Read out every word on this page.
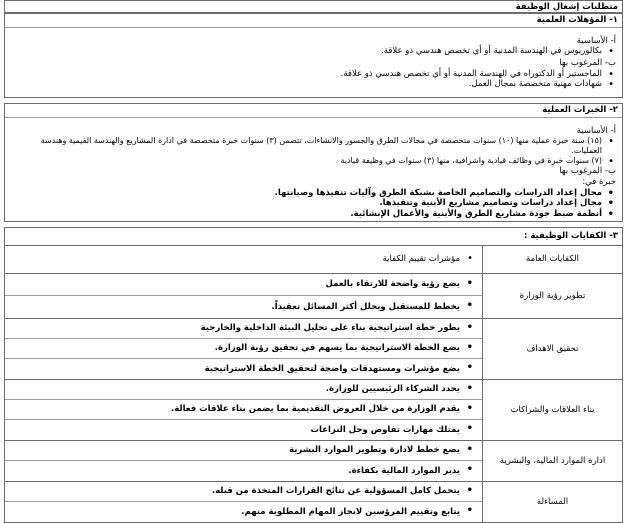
متطلبات إشغال الوظيفة
١- المؤهلات العلمية
أ- الأساسية
• بكالوريوس في الهندسة المدنية أو أي تخصص هندسي ذو علاقة.
ب- المرغوب بها
• الماجستير أو الدكتوراه في الهندسة المدنية أو أي تخصص هندسي ذو علاقة.
• شهادات مهنية متخصصة بمجال العمل.
٢- الخبرات العملية
أ- الأساسية
• (١٥) سنة خبرة عملية منها (١٠) سنوات متخصصة في مجالات الطرق والجسور والانشاءات، تتضمن (٣) سنوات خبرة متخصصة في ادارة المشاريع والهندسة القيمية وهندسة العمليات.
• (٧) سنوات خبرة في وظائف قيادية واشرافية، منها (٣) سنوات في وظيفة قيادية
ب- المرغوب بها
خبرة في:
• مجال إعداد الدراسات والتصاميم الخاصة بشبكة الطرق وآليات تنفيذها وصيانتها.
• مجال إعداد دراسات وتصاميم مشاريع الأبنية وتنفيذها.
• أنظمة ضبط جودة مشاريع الطرق والأبنية والأعمال الإنشائية.
٣- الكفايات الوظيفية :
الكفايات العامة	• مؤشرات تقييم الكفاية

تطوير رؤية الوزارة	• يضع رؤية واضحة للارتقاء بالعمل
• يخطط للمستقبل ويحلل أكثر المسائل تعقيداً.

تحقيق الاهداف	• يطور خطة استراتيجية بناء على تحليل البيئة الداخلية والخارجية
• يضع الخطة الاستراتيجية بما يسهم في تحقيق رؤية الوزارة.
• يضع مؤشرات ومستهدفات واضحة لتحقيق الخطة الاستراتيجية

بناء العلاقات والشراكات	• يحدد الشركاء الرئيسيين للوزارة.
• يقدم الوزارة من خلال العروض التقديمية بما يضمن بناء علاقات فعالة.
• يمتلك مهارات تفاوض وحل النزاعات

ادارة الموارد المالية، والبشرية	• يضع خطط لادارة وتطوير الموارد البشرية
• يدير الموارد المالية بكفاءة.

المساءلة	• يتحمل كامل المسؤولية عن نتائج القرارات المتخذة من قبله.
• يتابع وتقييم المرؤسين لانجاز المهام المطلوبة منهم.
